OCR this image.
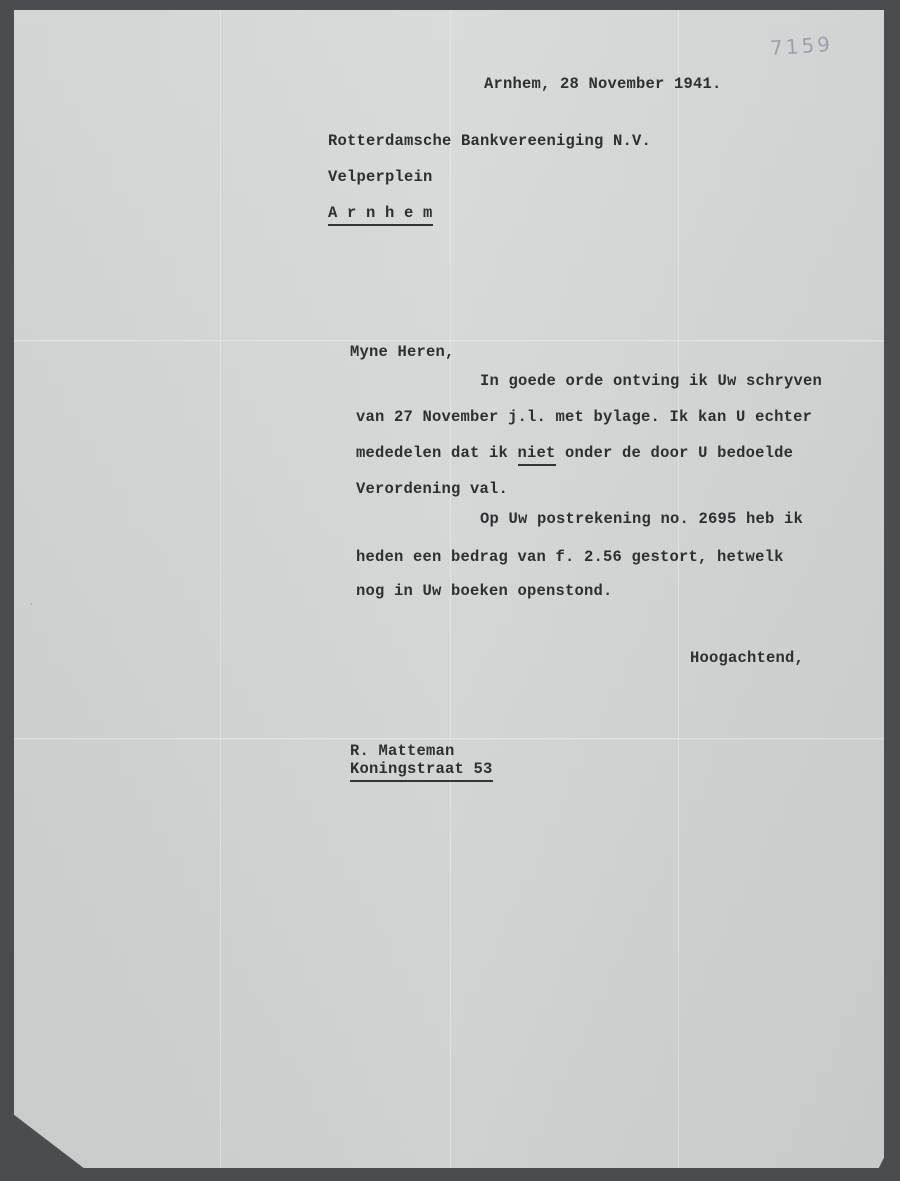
7159
·
Arnhem, 28 November 1941.
Rotterdamsche Bankvereeniging N.V.
Velperplein
A r n h e m
Myne Heren,
In goede orde ontving ik Uw schryven
van 27 November j.l. met bylage. Ik kan U echter
mededelen dat ik niet onder de door U bedoelde
Verordening val.
Op Uw postrekening no. 2695 heb ik
heden een bedrag van f. 2.56 gestort, hetwelk
nog in Uw boeken openstond.
Hoogachtend,
R. Matteman
Koningstraat 53
